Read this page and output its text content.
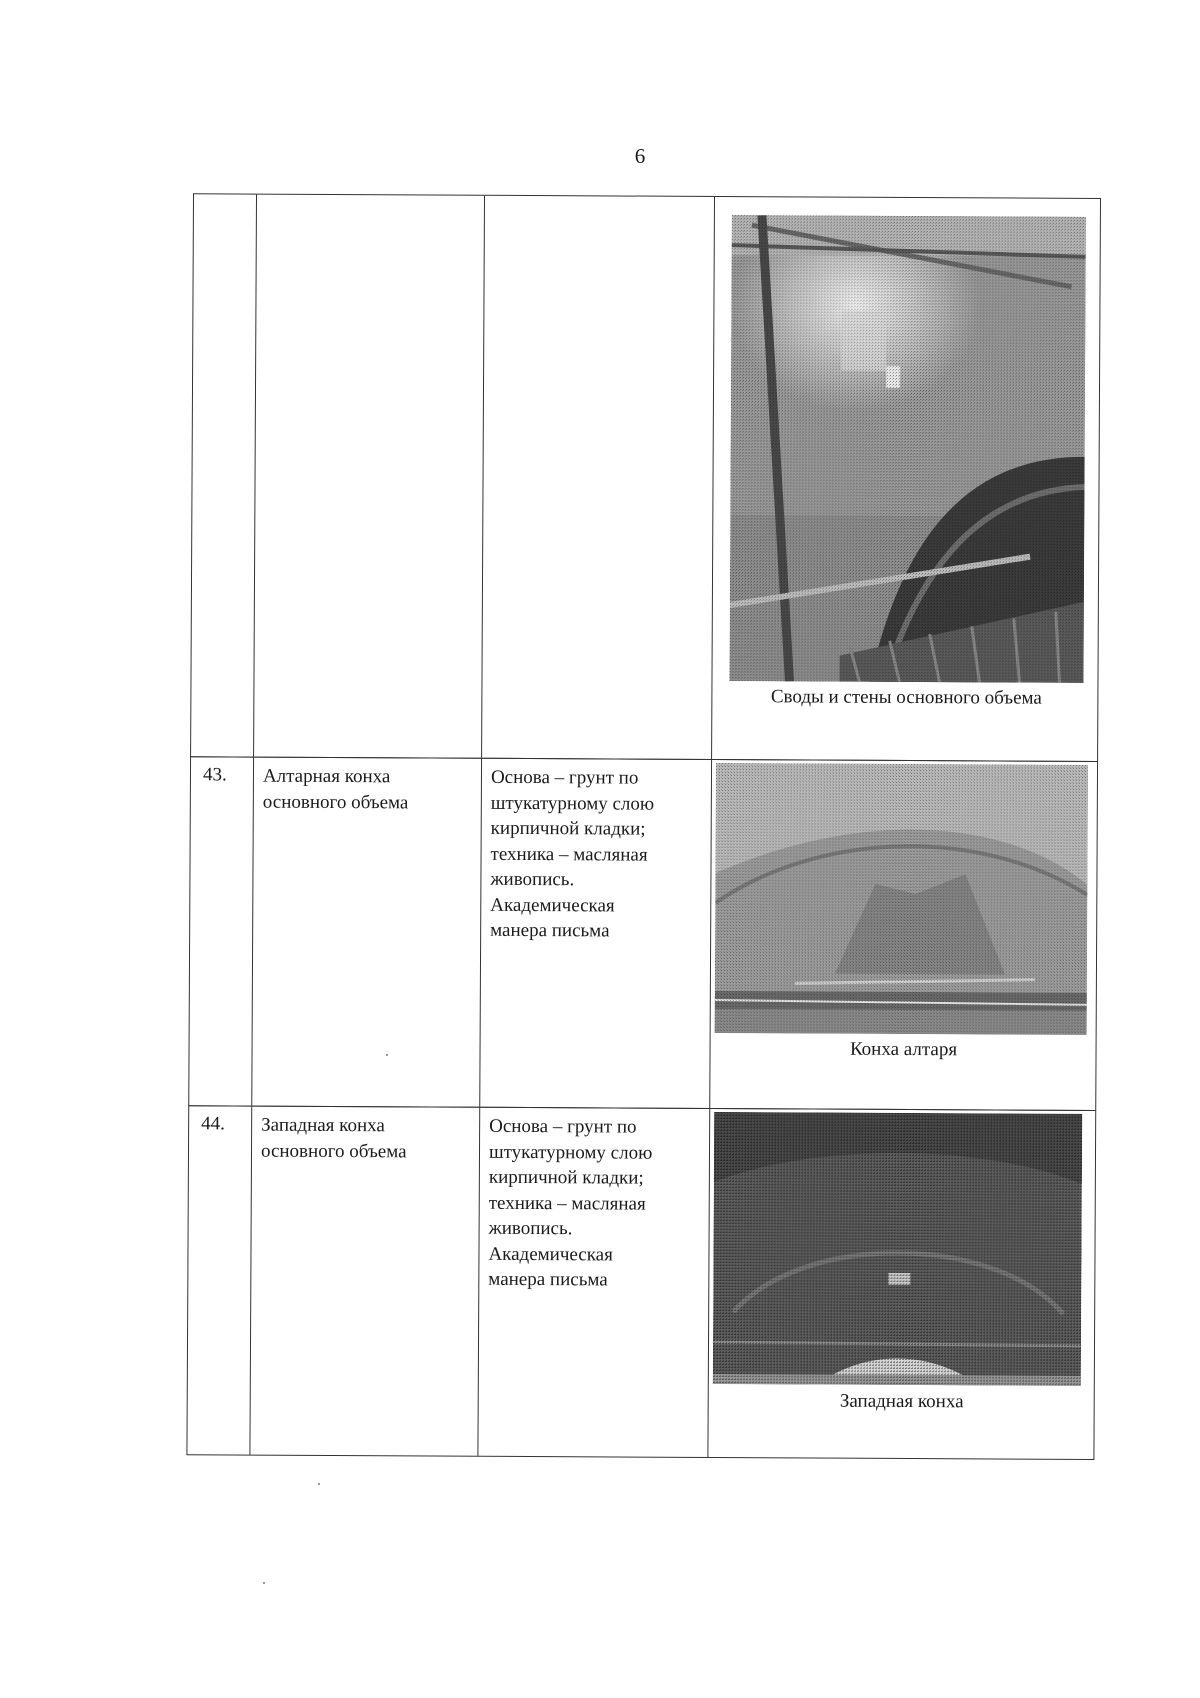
6
Своды и стены основного объема
43. Алтарная конха
основного объема
Основа – грунт по
штукатурному слою
кирпичной кладки;
техника – масляная
живопись.
Академическая
манера письма
Конха алтаря
44. Западная конха
основного объема
Основа – грунт по
штукатурному слою
кирпичной кладки;
техника – масляная
живопись.
Академическая
манера письма
Западная конха
